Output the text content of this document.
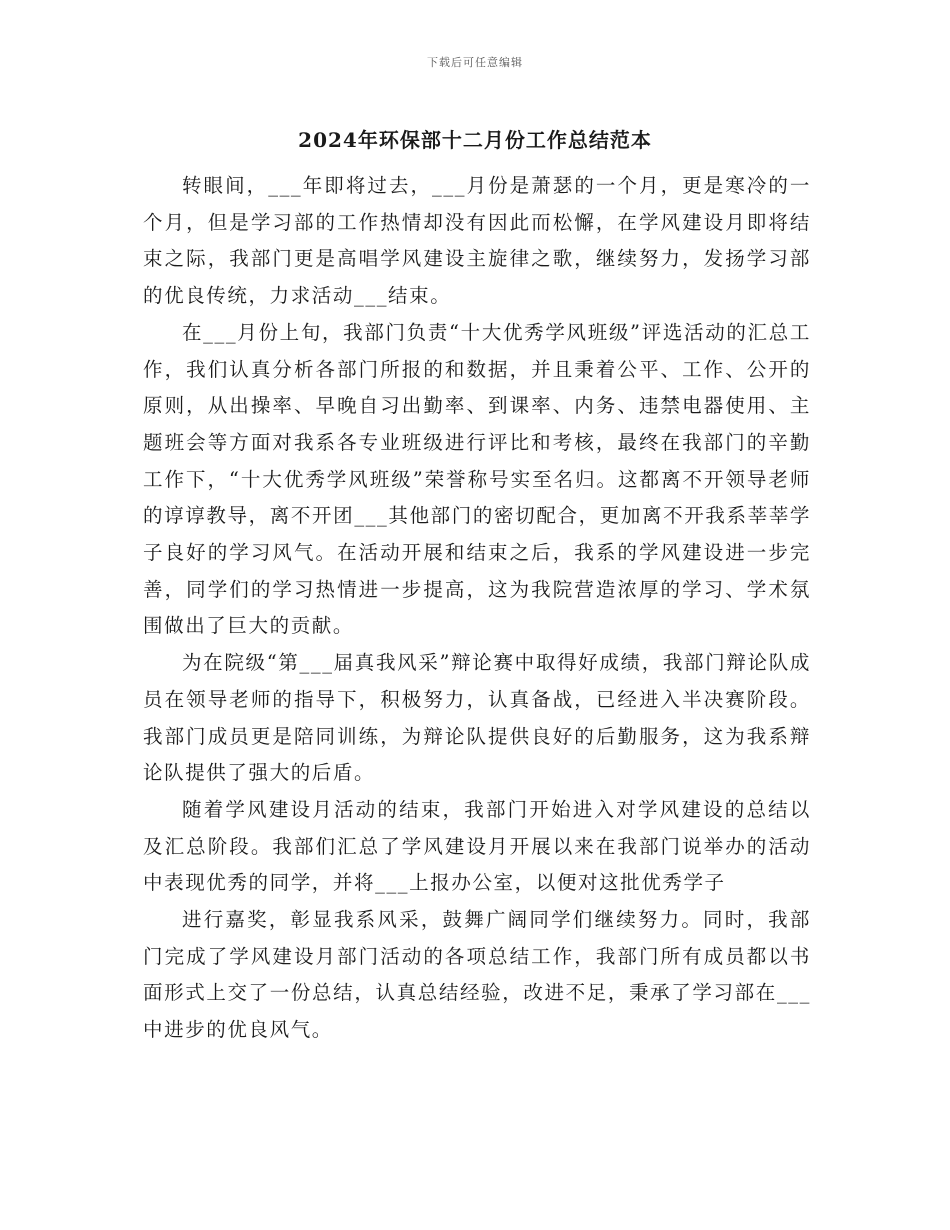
下载后可任意编辑
2024年环保部十二月份工作总结范本

转眼间，___年即将过去，___月份是萧瑟的一个月，更是寒冷的一个月，但是学习部的工作热情却没有因此而松懈，在学风建设月即将结束之际，我部门更是高唱学风建设主旋律之歌，继续努力，发扬学习部的优良传统，力求活动___结束。

在___月份上旬，我部门负责“十大优秀学风班级”评选活动的汇总工作，我们认真分析各部门所报的和数据，并且秉着公平、工作、公开的原则，从出操率、早晚自习出勤率、到课率、内务、违禁电器使用、主题班会等方面对我系各专业班级进行评比和考核，最终在我部门的辛勤工作下，“十大优秀学风班级”荣誉称号实至名归。这都离不开领导老师的谆谆教导，离不开团___其他部门的密切配合，更加离不开我系莘莘学子良好的学习风气。在活动开展和结束之后，我系的学风建设进一步完善，同学们的学习热情进一步提高，这为我院营造浓厚的学习、学术氛围做出了巨大的贡献。

为在院级“第___届真我风采”辩论赛中取得好成绩，我部门辩论队成员在领导老师的指导下，积极努力，认真备战，已经进入半决赛阶段。我部门成员更是陪同训练，为辩论队提供良好的后勤服务，这为我系辩论队提供了强大的后盾。

随着学风建设月活动的结束，我部门开始进入对学风建设的总结以及汇总阶段。我部们汇总了学风建设月开展以来在我部门说举办的活动中表现优秀的同学，并将___上报办公室，以便对这批优秀学子

进行嘉奖，彰显我系风采，鼓舞广阔同学们继续努力。同时，我部门完成了学风建设月部门活动的各项总结工作，我部门所有成员都以书面形式上交了一份总结，认真总结经验，改进不足，秉承了学习部在___中进步的优良风气。
